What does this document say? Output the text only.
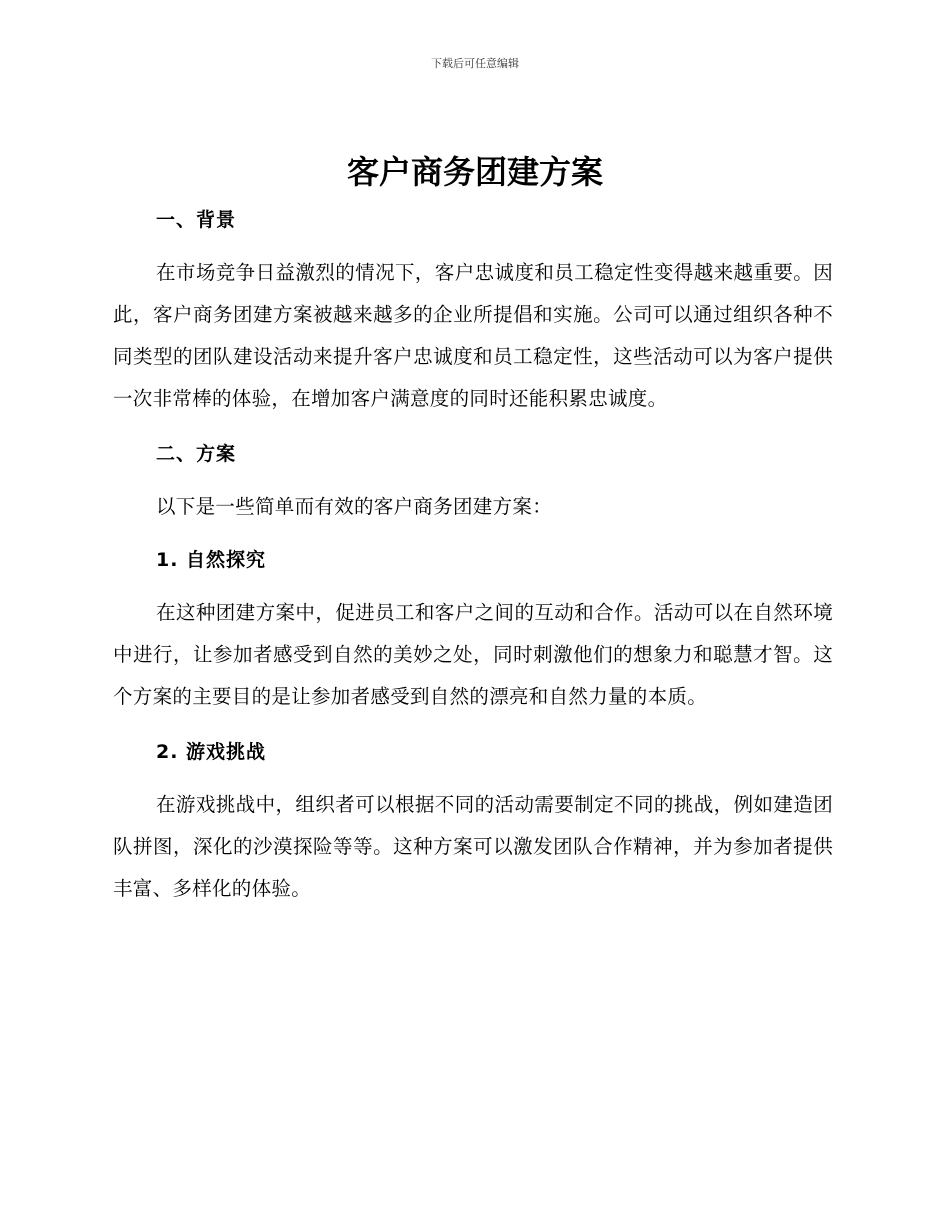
下载后可任意编辑
客户商务团建方案
一、背景

在市场竞争日益激烈的情况下，客户忠诚度和员工稳定性变得越来越重要。因此，客户商务团建方案被越来越多的企业所提倡和实施。公司可以通过组织各种不同类型的团队建设活动来提升客户忠诚度和员工稳定性，这些活动可以为客户提供一次非常棒的体验，在增加客户满意度的同时还能积累忠诚度。

二、方案

以下是一些简单而有效的客户商务团建方案：

1. 自然探究

在这种团建方案中，促进员工和客户之间的互动和合作。活动可以在自然环境中进行，让参加者感受到自然的美妙之处，同时刺激他们的想象力和聪慧才智。这个方案的主要目的是让参加者感受到自然的漂亮和自然力量的本质。

2. 游戏挑战

在游戏挑战中，组织者可以根据不同的活动需要制定不同的挑战，例如建造团队拼图，深化的沙漠探险等等。这种方案可以激发团队合作精神，并为参加者提供丰富、多样化的体验。
